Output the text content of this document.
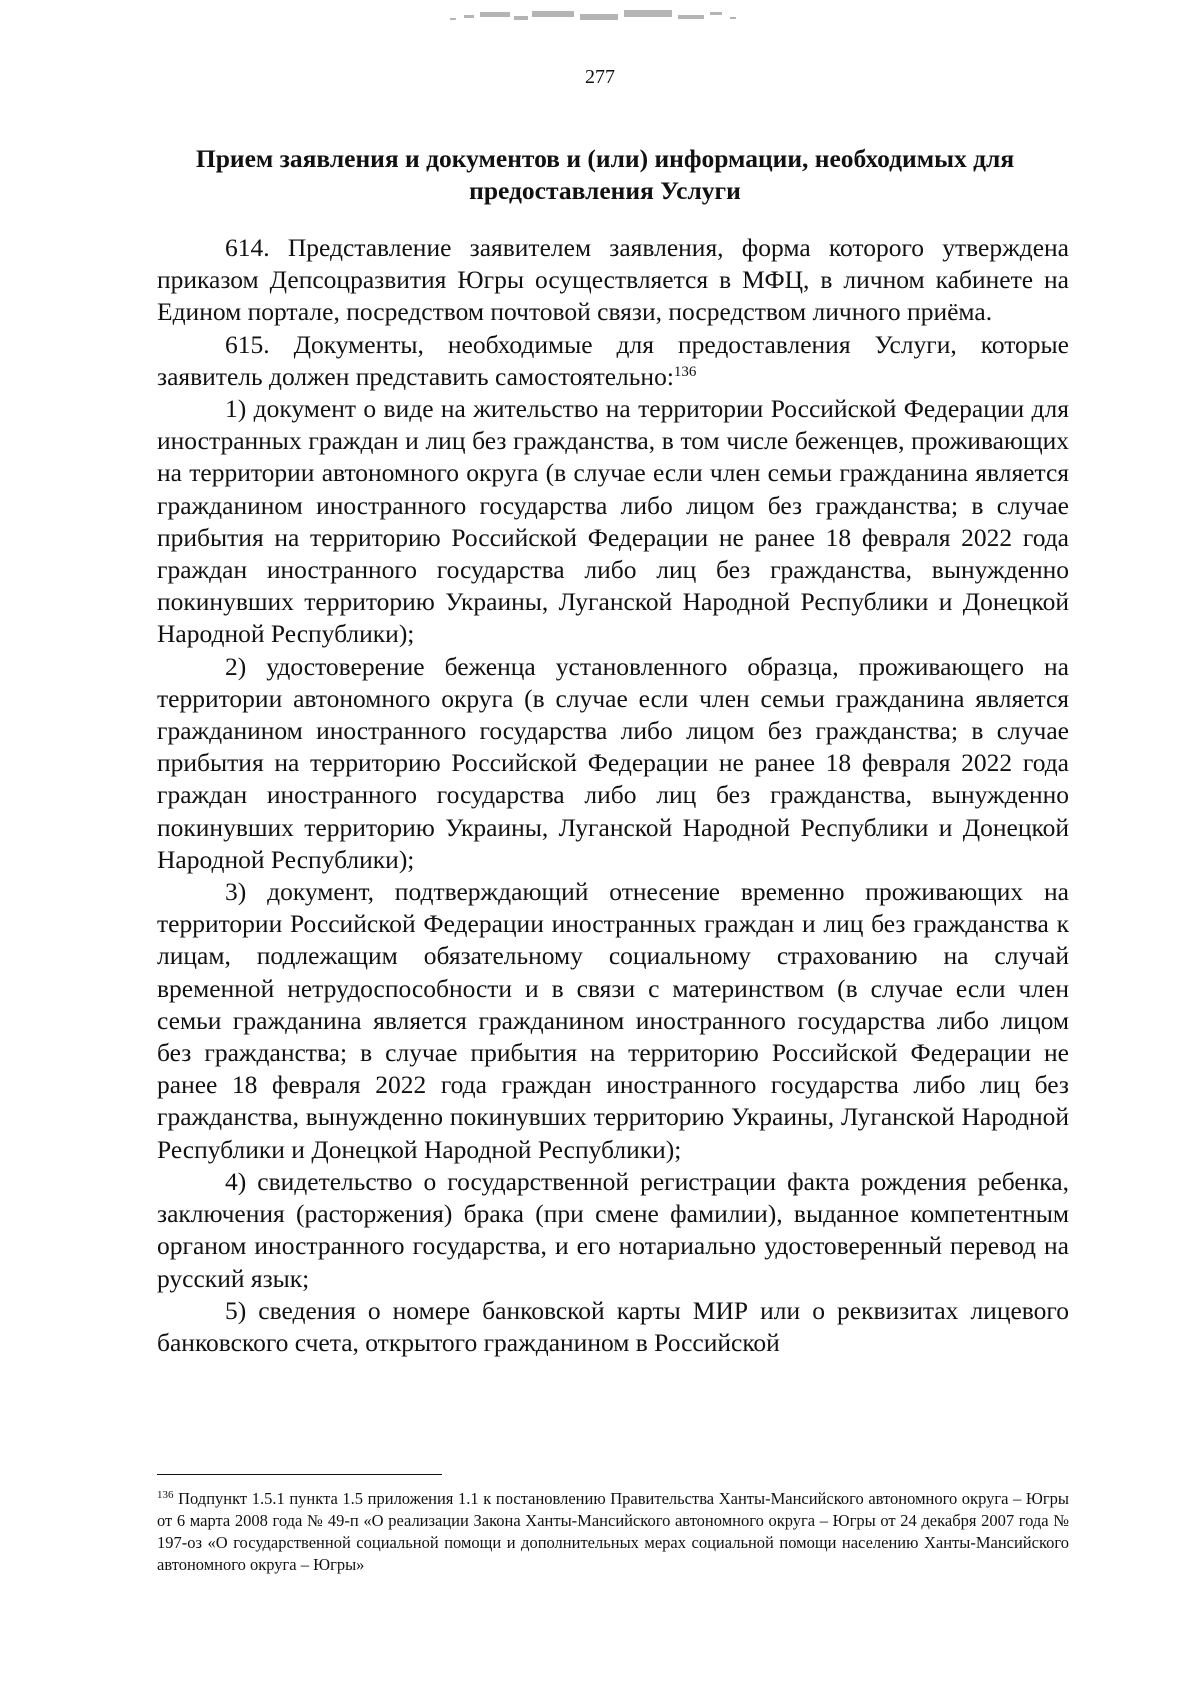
277
Прием заявления и документов и (или) информации, необходимых для предоставления Услуги

614. Представление заявителем заявления, форма которого утверждена приказом Депсоцразвития Югры осуществляется в МФЦ, в личном кабинете на Едином портале, посредством почтовой связи, посредством личного приёма.

615. Документы, необходимые для предоставления Услуги, которые заявитель должен представить самостоятельно:$^{136}$

1) документ о виде на жительство на территории Российской Федерации для иностранных граждан и лиц без гражданства, в том числе беженцев, проживающих на территории автономного округа (в случае если член семьи гражданина является гражданином иностранного государства либо лицом без гражданства; в случае прибытия на территорию Российской Федерации не ранее 18 февраля 2022 года граждан иностранного государства либо лиц без гражданства, вынужденно покинувших территорию Украины, Луганской Народной Республики и Донецкой Народной Республики);

2) удостоверение беженца установленного образца, проживающего на территории автономного округа (в случае если член семьи гражданина является гражданином иностранного государства либо лицом без гражданства; в случае прибытия на территорию Российской Федерации не ранее 18 февраля 2022 года граждан иностранного государства либо лиц без гражданства, вынужденно покинувших территорию Украины, Луганской Народной Республики и Донецкой Народной Республики);

3) документ, подтверждающий отнесение временно проживающих на территории Российской Федерации иностранных граждан и лиц без гражданства к лицам, подлежащим обязательному социальному страхованию на случай временной нетрудоспособности и в связи с материнством (в случае если член семьи гражданина является гражданином иностранного государства либо лицом без гражданства; в случае прибытия на территорию Российской Федерации не ранее 18 февраля 2022 года граждан иностранного государства либо лиц без гражданства, вынужденно покинувших территорию Украины, Луганской Народной Республики и Донецкой Народной Республики);

4) свидетельство о государственной регистрации факта рождения ребенка, заключения (расторжения) брака (при смене фамилии), выданное компетентным органом иностранного государства, и его нотариально удостоверенный перевод на русский язык;

5) сведения о номере банковской карты МИР или о реквизитах лицевого банковского счета, открытого гражданином в Российской

$^{136}$ Подпункт 1.5.1 пункта 1.5 приложения 1.1 к постановлению Правительства Ханты-Мансийского автономного округа – Югры от 6 марта 2008 года № 49-п «О реализации Закона Ханты-Мансийского автономного округа – Югры от 24 декабря 2007 года № 197-оз «О государственной социальной помощи и дополнительных мерах социальной помощи населению Ханты-Мансийского автономного округа – Югры»
